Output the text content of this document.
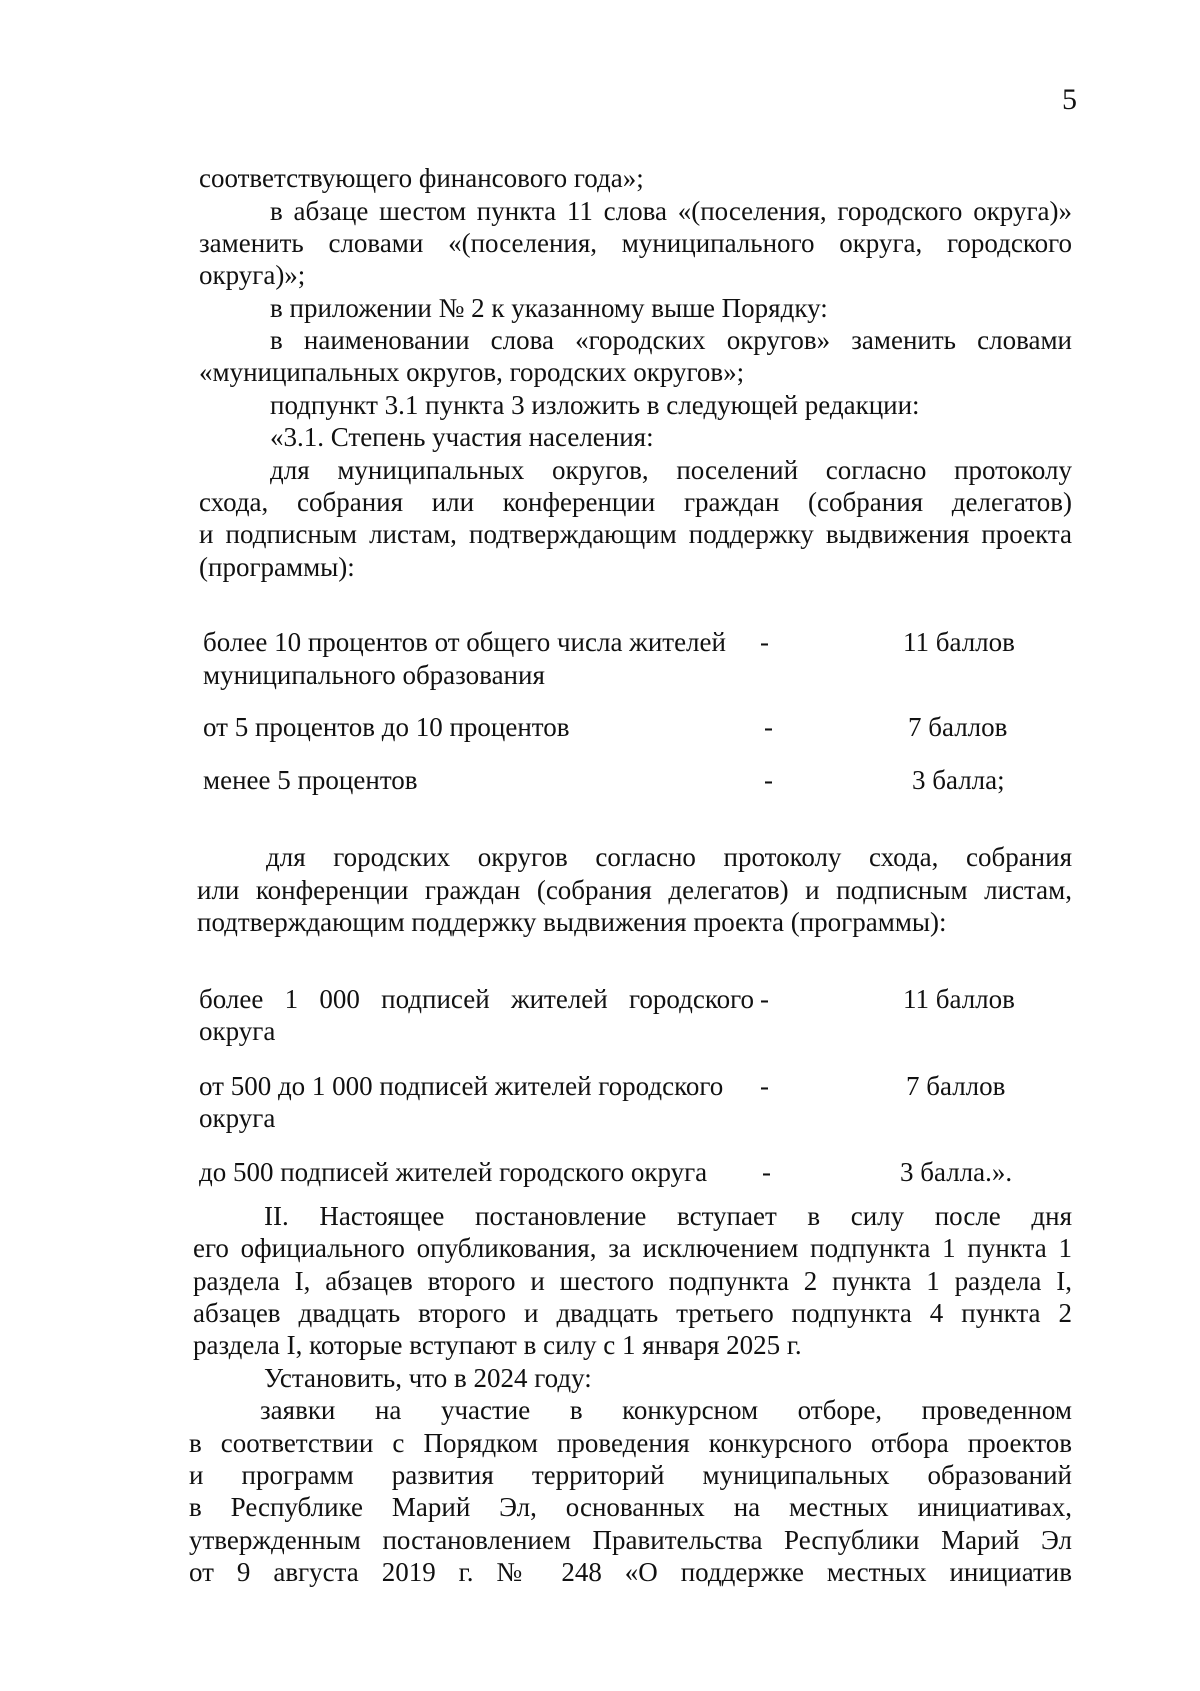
5
соответствующего финансового года»;
в абзаце шестом пункта 11 слова «(поселения, городского округа)»
заменить словами «(поселения, муниципального округа, городского
округа)»;
в приложении № 2 к указанному выше Порядку:
в наименовании слова «городских округов» заменить словами
«муниципальных округов, городских округов»;
подпункт 3.1 пункта 3 изложить в следующей редакции:
«3.1. Степень участия населения:
для муниципальных округов, поселений согласно протоколу
схода, собрания или конференции граждан (собрания делегатов)
и подписным листам, подтверждающим поддержку выдвижения проекта
(программы):
более 10 процентов от общего числа жителей -	11 баллов
муниципального образования
от 5 процентов до 10 процентов	-	7 баллов
менее 5 процентов	-	3 балла;
для городских округов согласно протоколу схода, собрания
или конференции граждан (собрания делегатов) и подписным листам,
подтверждающим поддержку выдвижения проекта (программы):
более 1 000 подписей жителей городского -	11 баллов
округа
от 500 до 1 000 подписей жителей городского -	7 баллов
округа
до 500 подписей жителей городского округа -	3 балла.».
II. Настоящее постановление вступает в силу после дня
его официального опубликования, за исключением подпункта 1 пункта 1
раздела I, абзацев второго и шестого подпункта 2 пункта 1 раздела I,
абзацев двадцать второго и двадцать третьего подпункта 4 пункта 2
раздела I, которые вступают в силу с 1 января 2025 г.
Установить, что в 2024 году:
заявки на участие в конкурсном отборе, проведенном
в соответствии с Порядком проведения конкурсного отбора проектов
и программ развития территорий муниципальных образований
в Республике Марий Эл, основанных на местных инициативах,
утвержденным постановлением Правительства Республики Марий Эл
от 9 августа 2019 г. № 248 «О поддержке местных инициатив
